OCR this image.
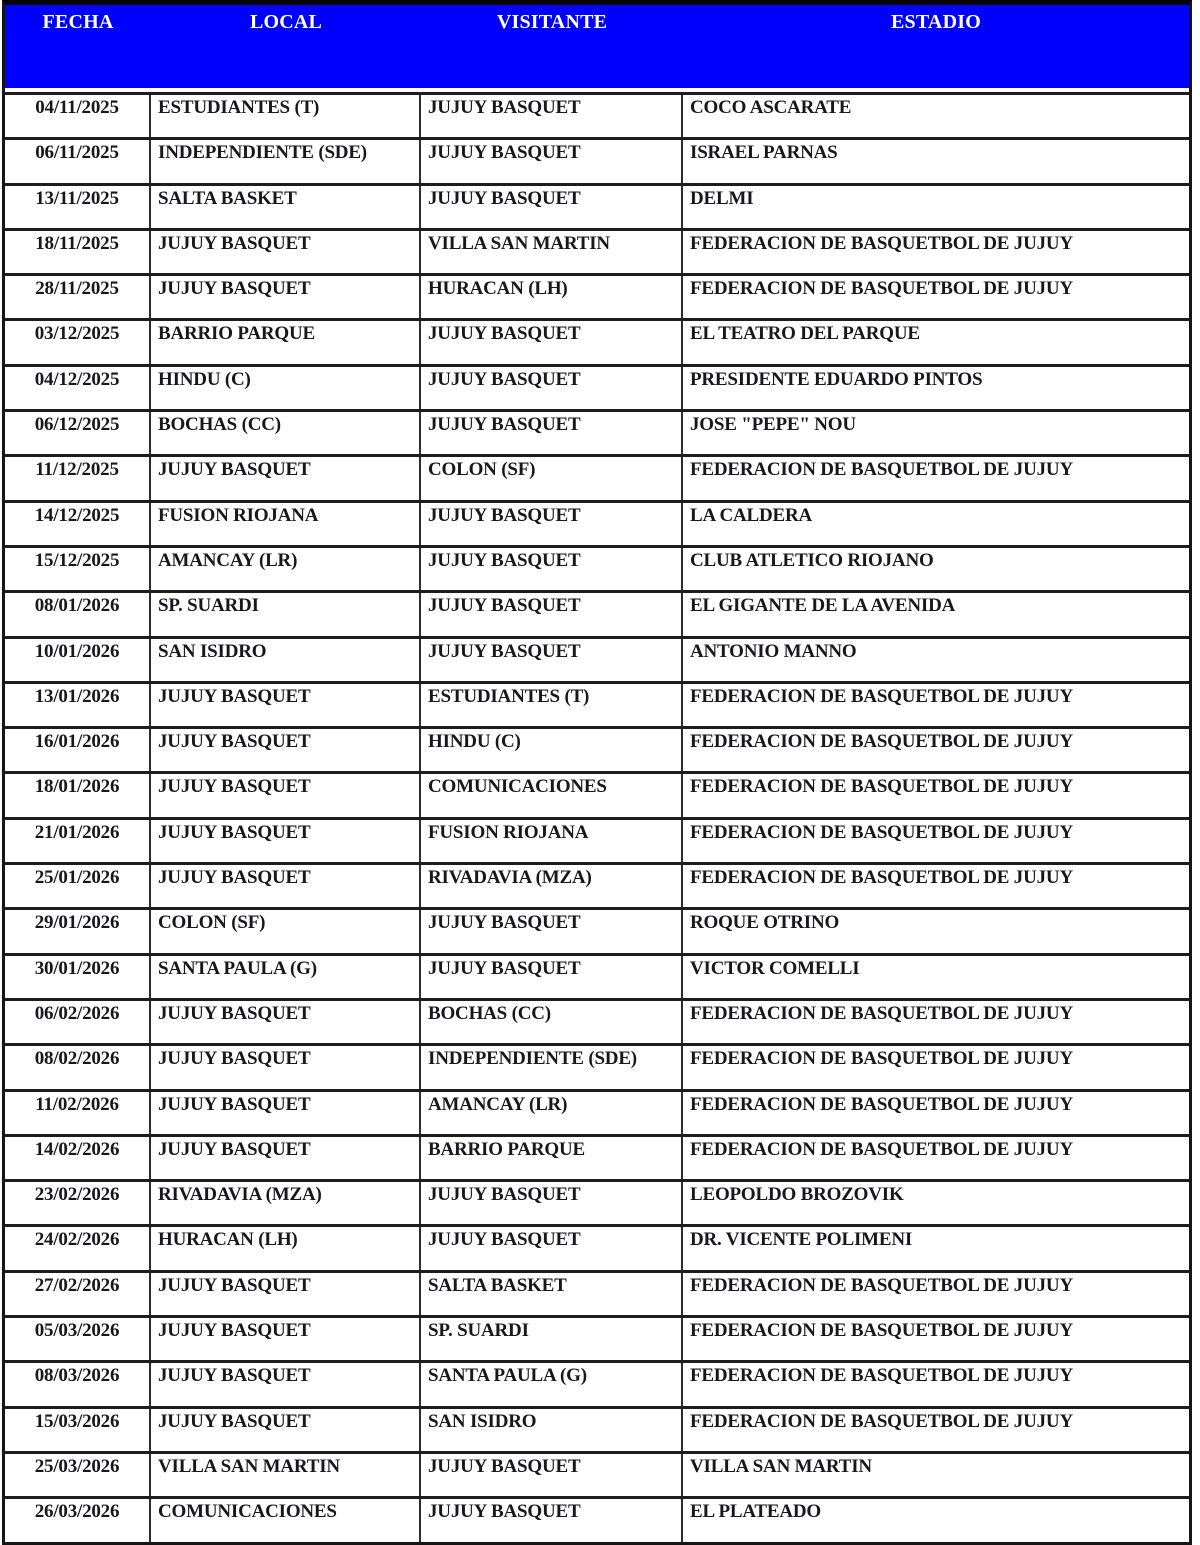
FECHA	LOCAL	VISITANTE	ESTADIO
04/11/2025	ESTUDIANTES (T)	JUJUY BASQUET	COCO ASCARATE
06/11/2025	INDEPENDIENTE (SDE)	JUJUY BASQUET	ISRAEL PARNAS
13/11/2025	SALTA BASKET	JUJUY BASQUET	DELMI
18/11/2025	JUJUY BASQUET	VILLA SAN MARTIN	FEDERACION DE BASQUETBOL DE JUJUY
28/11/2025	JUJUY BASQUET	HURACAN (LH)	FEDERACION DE BASQUETBOL DE JUJUY
03/12/2025	BARRIO PARQUE	JUJUY BASQUET	EL TEATRO DEL PARQUE
04/12/2025	HINDU (C)	JUJUY BASQUET	PRESIDENTE EDUARDO PINTOS
06/12/2025	BOCHAS (CC)	JUJUY BASQUET	JOSE "PEPE" NOU
11/12/2025	JUJUY BASQUET	COLON (SF)	FEDERACION DE BASQUETBOL DE JUJUY
14/12/2025	FUSION RIOJANA	JUJUY BASQUET	LA CALDERA
15/12/2025	AMANCAY (LR)	JUJUY BASQUET	CLUB ATLETICO RIOJANO
08/01/2026	SP. SUARDI	JUJUY BASQUET	EL GIGANTE DE LA AVENIDA
10/01/2026	SAN ISIDRO	JUJUY BASQUET	ANTONIO MANNO
13/01/2026	JUJUY BASQUET	ESTUDIANTES (T)	FEDERACION DE BASQUETBOL DE JUJUY
16/01/2026	JUJUY BASQUET	HINDU (C)	FEDERACION DE BASQUETBOL DE JUJUY
18/01/2026	JUJUY BASQUET	COMUNICACIONES	FEDERACION DE BASQUETBOL DE JUJUY
21/01/2026	JUJUY BASQUET	FUSION RIOJANA	FEDERACION DE BASQUETBOL DE JUJUY
25/01/2026	JUJUY BASQUET	RIVADAVIA (MZA)	FEDERACION DE BASQUETBOL DE JUJUY
29/01/2026	COLON (SF)	JUJUY BASQUET	ROQUE OTRINO
30/01/2026	SANTA PAULA (G)	JUJUY BASQUET	VICTOR COMELLI
06/02/2026	JUJUY BASQUET	BOCHAS (CC)	FEDERACION DE BASQUETBOL DE JUJUY
08/02/2026	JUJUY BASQUET	INDEPENDIENTE (SDE)	FEDERACION DE BASQUETBOL DE JUJUY
11/02/2026	JUJUY BASQUET	AMANCAY (LR)	FEDERACION DE BASQUETBOL DE JUJUY
14/02/2026	JUJUY BASQUET	BARRIO PARQUE	FEDERACION DE BASQUETBOL DE JUJUY
23/02/2026	RIVADAVIA (MZA)	JUJUY BASQUET	LEOPOLDO BROZOVIK
24/02/2026	HURACAN (LH)	JUJUY BASQUET	DR. VICENTE POLIMENI
27/02/2026	JUJUY BASQUET	SALTA BASKET	FEDERACION DE BASQUETBOL DE JUJUY
05/03/2026	JUJUY BASQUET	SP. SUARDI	FEDERACION DE BASQUETBOL DE JUJUY
08/03/2026	JUJUY BASQUET	SANTA PAULA (G)	FEDERACION DE BASQUETBOL DE JUJUY
15/03/2026	JUJUY BASQUET	SAN ISIDRO	FEDERACION DE BASQUETBOL DE JUJUY
25/03/2026	VILLA SAN MARTIN	JUJUY BASQUET	VILLA SAN MARTIN
26/03/2026	COMUNICACIONES	JUJUY BASQUET	EL PLATEADO
